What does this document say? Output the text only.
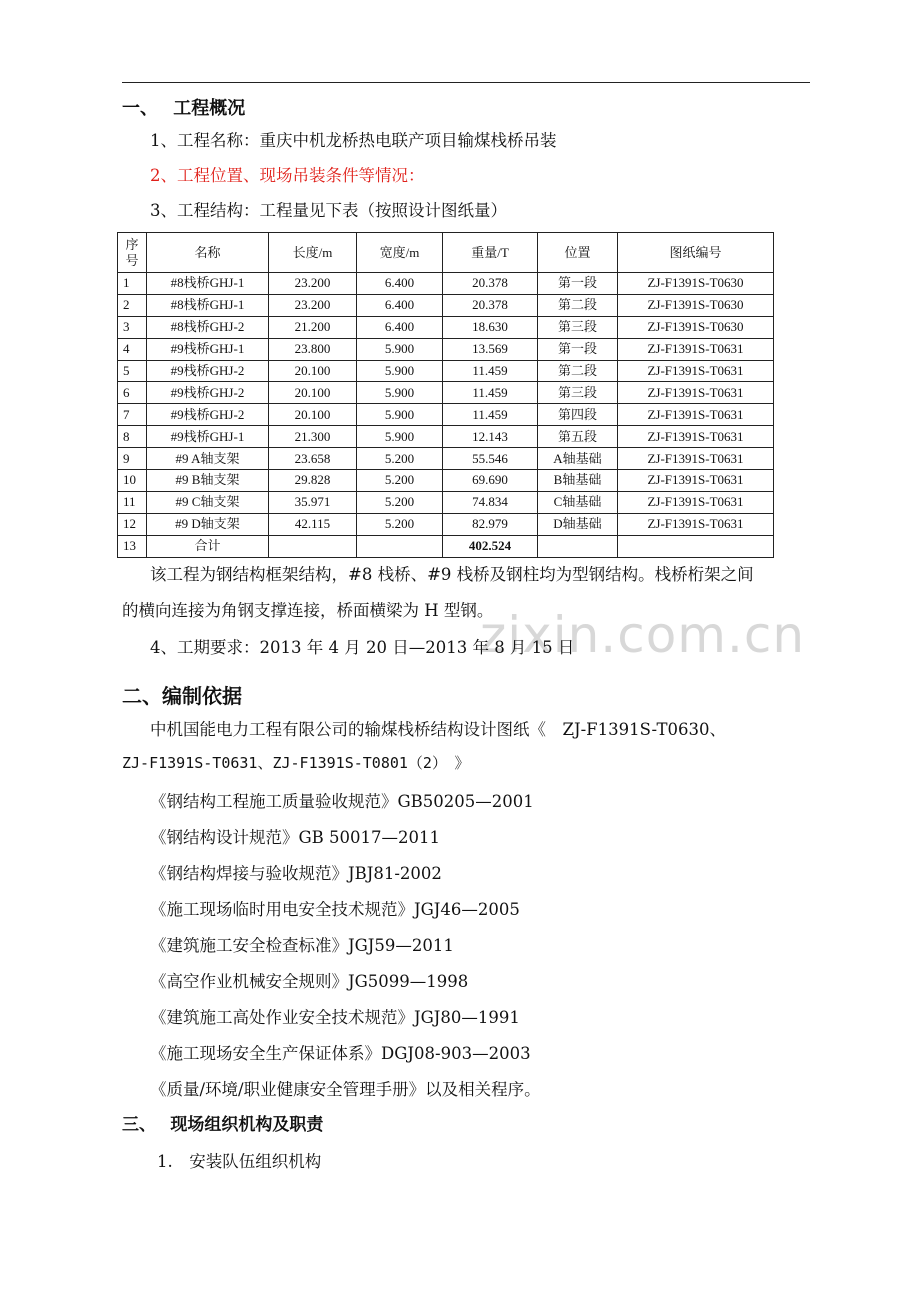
一、　 工程概况
1、工程名称：重庆中机龙桥热电联产项目输煤栈桥吊装
2、工程位置、现场吊装条件等情况：
3、工程结构：工程量见下表（按照设计图纸量）
序号	名称	长度/m	宽度/m	重量/T	位置	图纸编号
1	#8栈桥GHJ-1	23.200	6.400	20.378	第一段	ZJ-F1391S-T0630
2	#8栈桥GHJ-1	23.200	6.400	20.378	第二段	ZJ-F1391S-T0630
3	#8栈桥GHJ-2	21.200	6.400	18.630	第三段	ZJ-F1391S-T0630
4	#9栈桥GHJ-1	23.800	5.900	13.569	第一段	ZJ-F1391S-T0631
5	#9栈桥GHJ-2	20.100	5.900	11.459	第二段	ZJ-F1391S-T0631
6	#9栈桥GHJ-2	20.100	5.900	11.459	第三段	ZJ-F1391S-T0631
7	#9栈桥GHJ-2	20.100	5.900	11.459	第四段	ZJ-F1391S-T0631
8	#9栈桥GHJ-1	21.300	5.900	12.143	第五段	ZJ-F1391S-T0631
9	#9 A轴支架	23.658	5.200	55.546	A轴基础	ZJ-F1391S-T0631
10	#9 B轴支架	29.828	5.200	69.690	B轴基础	ZJ-F1391S-T0631
11	#9 C轴支架	35.971	5.200	74.834	C轴基础	ZJ-F1391S-T0631
12	#9 D轴支架	42.115	5.200	82.979	D轴基础	ZJ-F1391S-T0631
13	合计			402.524		
zixin.com.cn
该工程为钢结构框架结构，#8 栈桥、#9 栈桥及钢柱均为型钢结构。栈桥桁架之间
的横向连接为角钢支撑连接，桥面横梁为 H 型钢。
4、工期要求：2013 年 4 月 20 日—2013 年 8 月 15 日
二、编制依据
中机国能电力工程有限公司的输煤栈桥结构设计图纸《　ZJ-F1391S-T0630、
ZJ-F1391S-T0631、ZJ-F1391S-T0801（2）　》
《钢结构工程施工质量验收规范》GB50205—2001
《钢结构设计规范》GB 50017—2011
《钢结构焊接与验收规范》JBJ81-2002
《施工现场临时用电安全技术规范》JGJ46—2005
《建筑施工安全检查标准》JGJ59—2011
《高空作业机械安全规则》JG5099—1998
《建筑施工高处作业安全技术规范》JGJ80—1991
《施工现场安全生产保证体系》DGJ08-903—2003
《质量/环境/职业健康安全管理手册》以及相关程序。
三、　 现场组织机构及职责
1.　安装队伍组织机构
